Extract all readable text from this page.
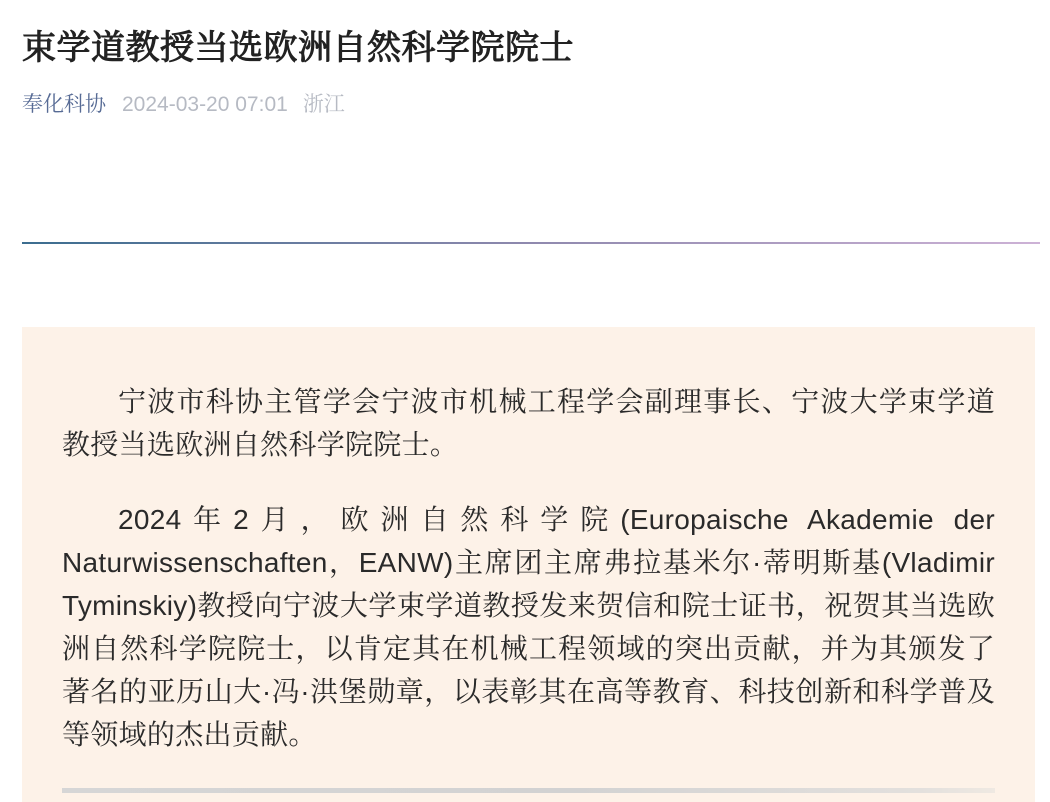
束学道教授当选欧洲自然科学院院士
奉化科协 2024-03-20 07:01 浙江

宁波市科协主管学会宁波市机械工程学会副理事长、宁波大学束学道教授当选欧洲自然科学院院士。

2024年2月，欧洲自然科学院(Europaische Akademie der Naturwissenschaften，EANW)主席团主席弗拉基米尔·蒂明斯基(Vladimir Tyminskiy)教授向宁波大学束学道教授发来贺信和院士证书，祝贺其当选欧洲自然科学院院士，以肯定其在机械工程领域的突出贡献，并为其颁发了著名的亚历山大·冯·洪堡勋章，以表彰其在高等教育、科技创新和科学普及等领域的杰出贡献。
